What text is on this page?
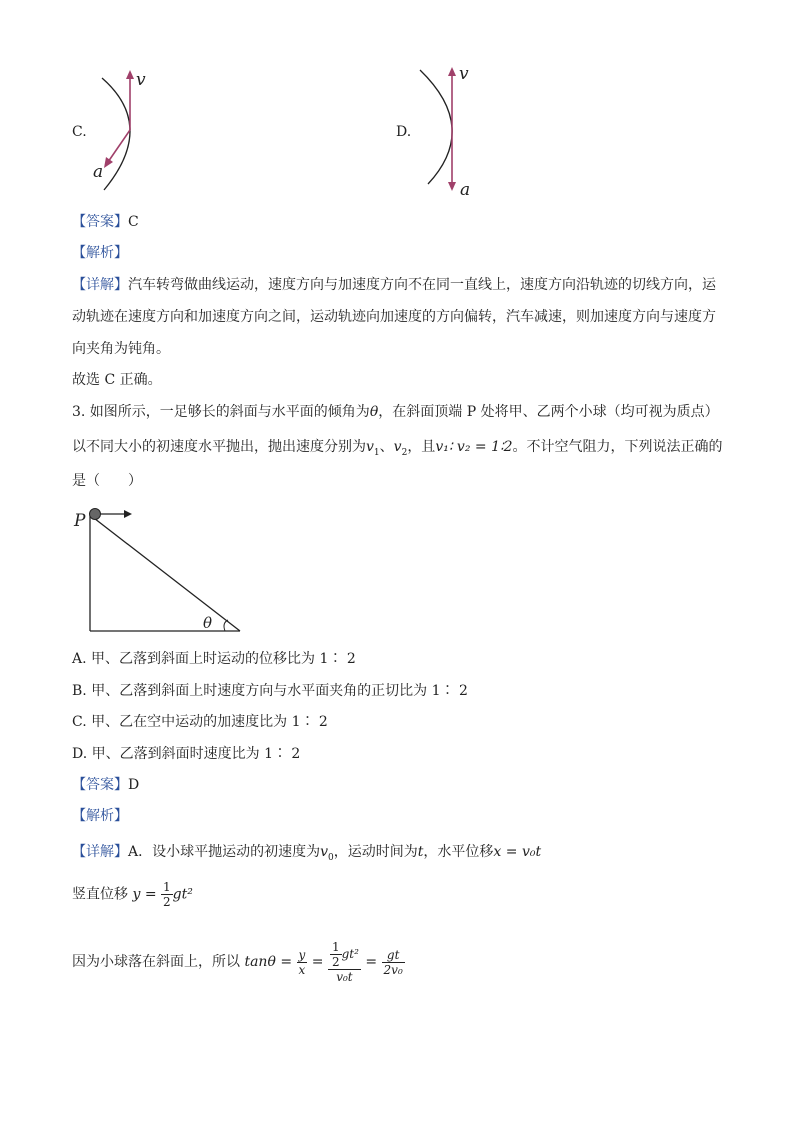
C.
v
a
D.
v
a
【答案】C
【解析】
【详解】汽车转弯做曲线运动，速度方向与加速度方向不在同一直线上，速度方向沿轨迹的切线方向，运
动轨迹在速度方向和加速度方向之间，运动轨迹向加速度的方向偏转，汽车减速，则加速度方向与速度方
向夹角为钝角。
故选 C 正确。
3. 如图所示，一足够长的斜面与水平面的倾角为θ，在斜面顶端 P 处将甲、乙两个小球（均可视为质点）
以不同大小的初速度水平抛出，抛出速度分别为$v_1$、$v_2$，且v₁∶ v₂ = 1∶2。不计空气阻力，下列说法正确的
是（　　）
P
θ
A. 甲、乙落到斜面上时运动的位移比为 1∶ 2
B. 甲、乙落到斜面上时速度方向与水平面夹角的正切比为 1∶ 2
C. 甲、乙在空中运动的加速度比为 1∶ 2
D. 甲、乙落到斜面时速度比为 1∶ 2
【答案】D
【解析】
【详解】A．设小球平抛运动的初速度为$v_0$，运动时间为t，水平位移x = v₀t
竖直位移 $y = \frac{1}{2} gt^2$
因为小球落在斜面上，所以 $\tan\theta = \frac{y}{x} = \frac{\frac{1}{2} gt^2}{\text{v₀t}} = \frac{gt}{\text{2v₀}}$
